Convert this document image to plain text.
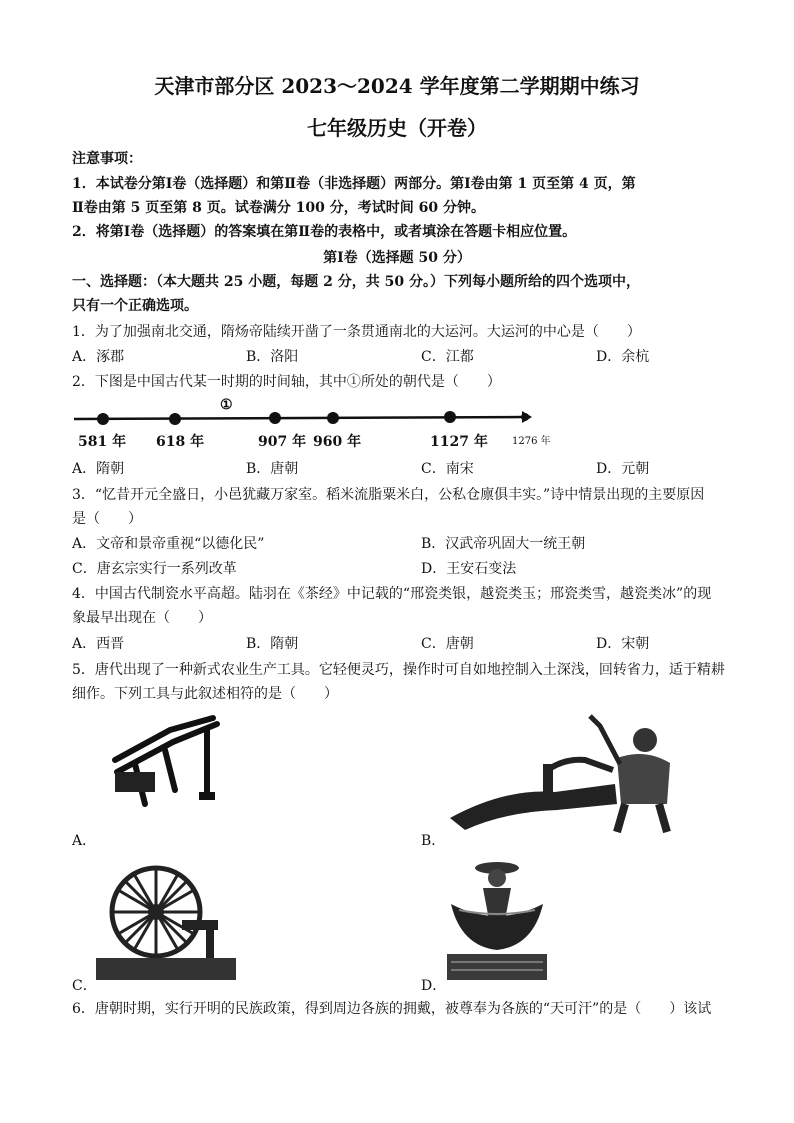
天津市部分区 2023～2024 学年度第二学期期中练习
七年级历史（开卷）
注意事项：
1．本试卷分第Ⅰ卷（选择题）和第Ⅱ卷（非选择题）两部分。第Ⅰ卷由第 1 页至第 4 页，第
Ⅱ卷由第 5 页至第 8 页。试卷满分 100 分，考试时间 60 分钟。
2．将第Ⅰ卷（选择题）的答案填在第Ⅱ卷的表格中，或者填涂在答题卡相应位置。
第Ⅰ卷（选择题 50 分）
一、选择题：（本大题共 25 小题，每题 2 分，共 50 分。）下列每小题所给的四个选项中，
只有一个正确选项。
1．为了加强南北交通，隋炀帝陆续开凿了一条贯通南北的大运河。大运河的中心是（　　）
A．涿郡	B．洛阳	C．江都	D．余杭
2．下图是中国古代某一时期的时间轴，其中①所处的朝代是（　　）
①
581 年 618 年	907 年 960 年	1127 年 1276 年
A．隋朝	B．唐朝	C．南宋	D．元朝
3．“忆昔开元全盛日，小邑犹藏万家室。稻米流脂粟米白，公私仓廪俱丰实。”诗中情景出现的主要原因
是（　　）
A．文帝和景帝重视“以德化民”	B．汉武帝巩固大一统王朝
C．唐玄宗实行一系列改革	D．王安石变法
4．中国古代制瓷水平高超。陆羽在《茶经》中记载的“邢瓷类银，越瓷类玉；邢瓷类雪，越瓷类冰”的现
象最早出现在（　　）
A．西晋	B．隋朝	C．唐朝	D．宋朝
5．唐代出现了一种新式农业生产工具。它轻便灵巧，操作时可自如地控制入土深浅，回转省力，适于精耕
细作。下列工具与此叙述相符的是（　　）
A．	B．
C．	D．
6．唐朝时期，实行开明的民族政策，得到周边各族的拥戴，被尊奉为各族的“天可汗”的是（　　）该试
